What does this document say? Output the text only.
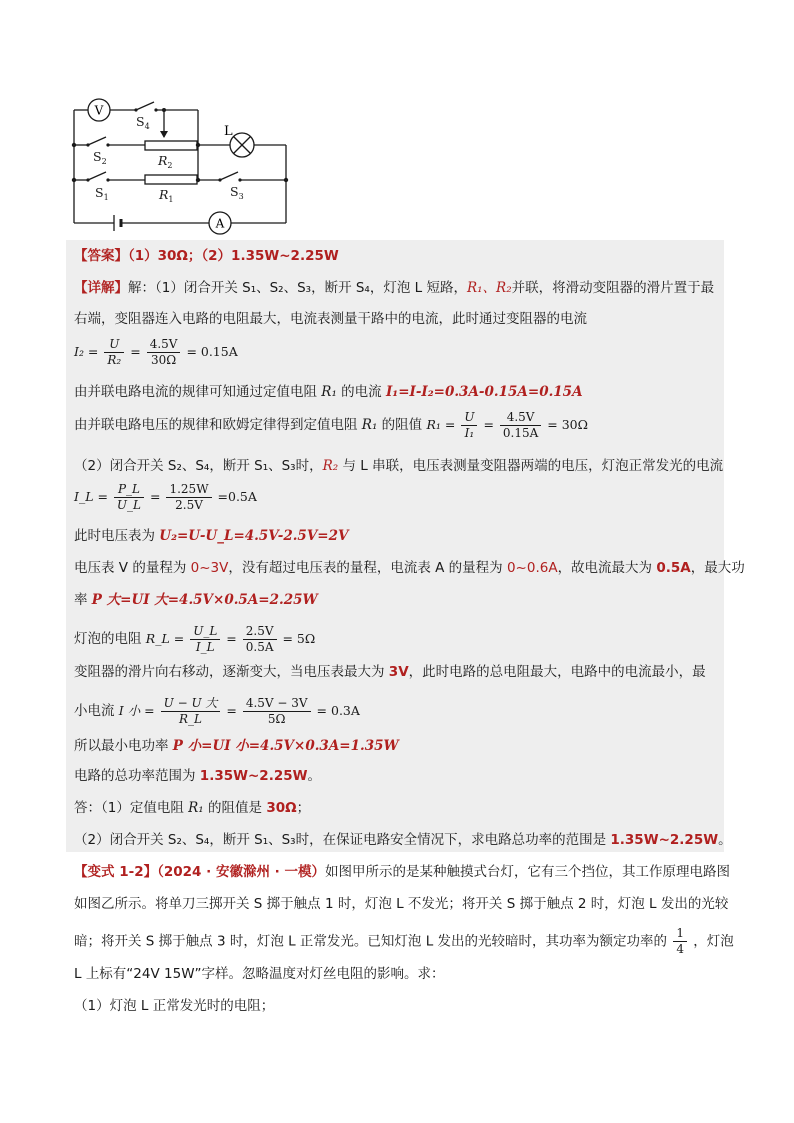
V
L
A
$S_4$
$S_2$	$R_2$
$S_1$	$R_1$
$S_3$
【答案】（1）30Ω；（2）1.35W~2.25W
【详解】解：（1）闭合开关 S₁、S₂、S₃，断开 S₄，灯泡 L 短路，R₁、R₂并联，将滑动变阻器的滑片置于最
右端，变阻器连入电路的电阻最大，电流表测量干路中的电流，此时通过变阻器的电流
$I_2 = \frac{U}{\text{R₂}} = \frac{4.5V}{30\Omega} = 0.15A$
由并联电路电流的规律可知通过定值电阻 R₁ 的电流 I₁=I-I₂=0.3A-0.15A=0.15A
由并联电路电压的规律和欧姆定律得到定值电阻 R₁ 的阻值 $R_1 = \frac{U}{\text{I₁}} = \frac{4.5V}{0.15A} = 30\Omega$
（2）闭合开关 S₂、S₄，断开 S₁、S₃时，R₂ 与 L 串联，电压表测量变阻器两端的电压，灯泡正常发光的电流
I_L = $\frac{P\_L}{U\_L} = \frac{1.25W}{2.5V} =0.5A$
此时电压表为 U₂=U-U_L=4.5V-2.5V=2V
电压表 V 的量程为 0~3V，没有超过电压表的量程，电流表 A 的量程为 0~0.6A，故电流最大为 0.5A，最大功
率 P 大=UI 大=4.5V×0.5A=2.25W
灯泡的电阻 R_L = $\frac{U\_L}{I\_L} = \frac{2.5V}{0.5A} = 5\Omega$
变阻器的滑片向右移动，逐渐变大，当电压表最大为 3V，此时电路的总电阻最大，电路中的电流最小，最
小电流 I 小 = $\frac{\text{U − U 大}}{R\_L} = \frac{4.5V - 3V}{5\Omega} = 0.3A$
所以最小电功率 P 小=UI 小=4.5V×0.3A=1.35W
电路的总功率范围为 1.35W~2.25W。
答：（1）定值电阻 R₁ 的阻值是 30Ω；
（2）闭合开关 S₂、S₄，断开 S₁、S₃时，在保证电路安全情况下，求电路总功率的范围是 1.35W~2.25W。
【变式 1-2】（2024 · 安徽滁州 · 一模）如图甲所示的是某种触摸式台灯，它有三个挡位，其工作原理电路图
如图乙所示。将单刀三掷开关 S 掷于触点 1 时，灯泡 L 不发光；将开关 S 掷于触点 2 时，灯泡 L 发出的光较
暗；将开关 S 掷于触点 3 时，灯泡 L 正常发光。已知灯泡 L 发出的光较暗时，其功率为额定功率的 $\frac{1}{4}$ ，灯泡
L 上标有“24V 15W”字样。忽略温度对灯丝电阻的影响。求：
（1）灯泡 L 正常发光时的电阻；
